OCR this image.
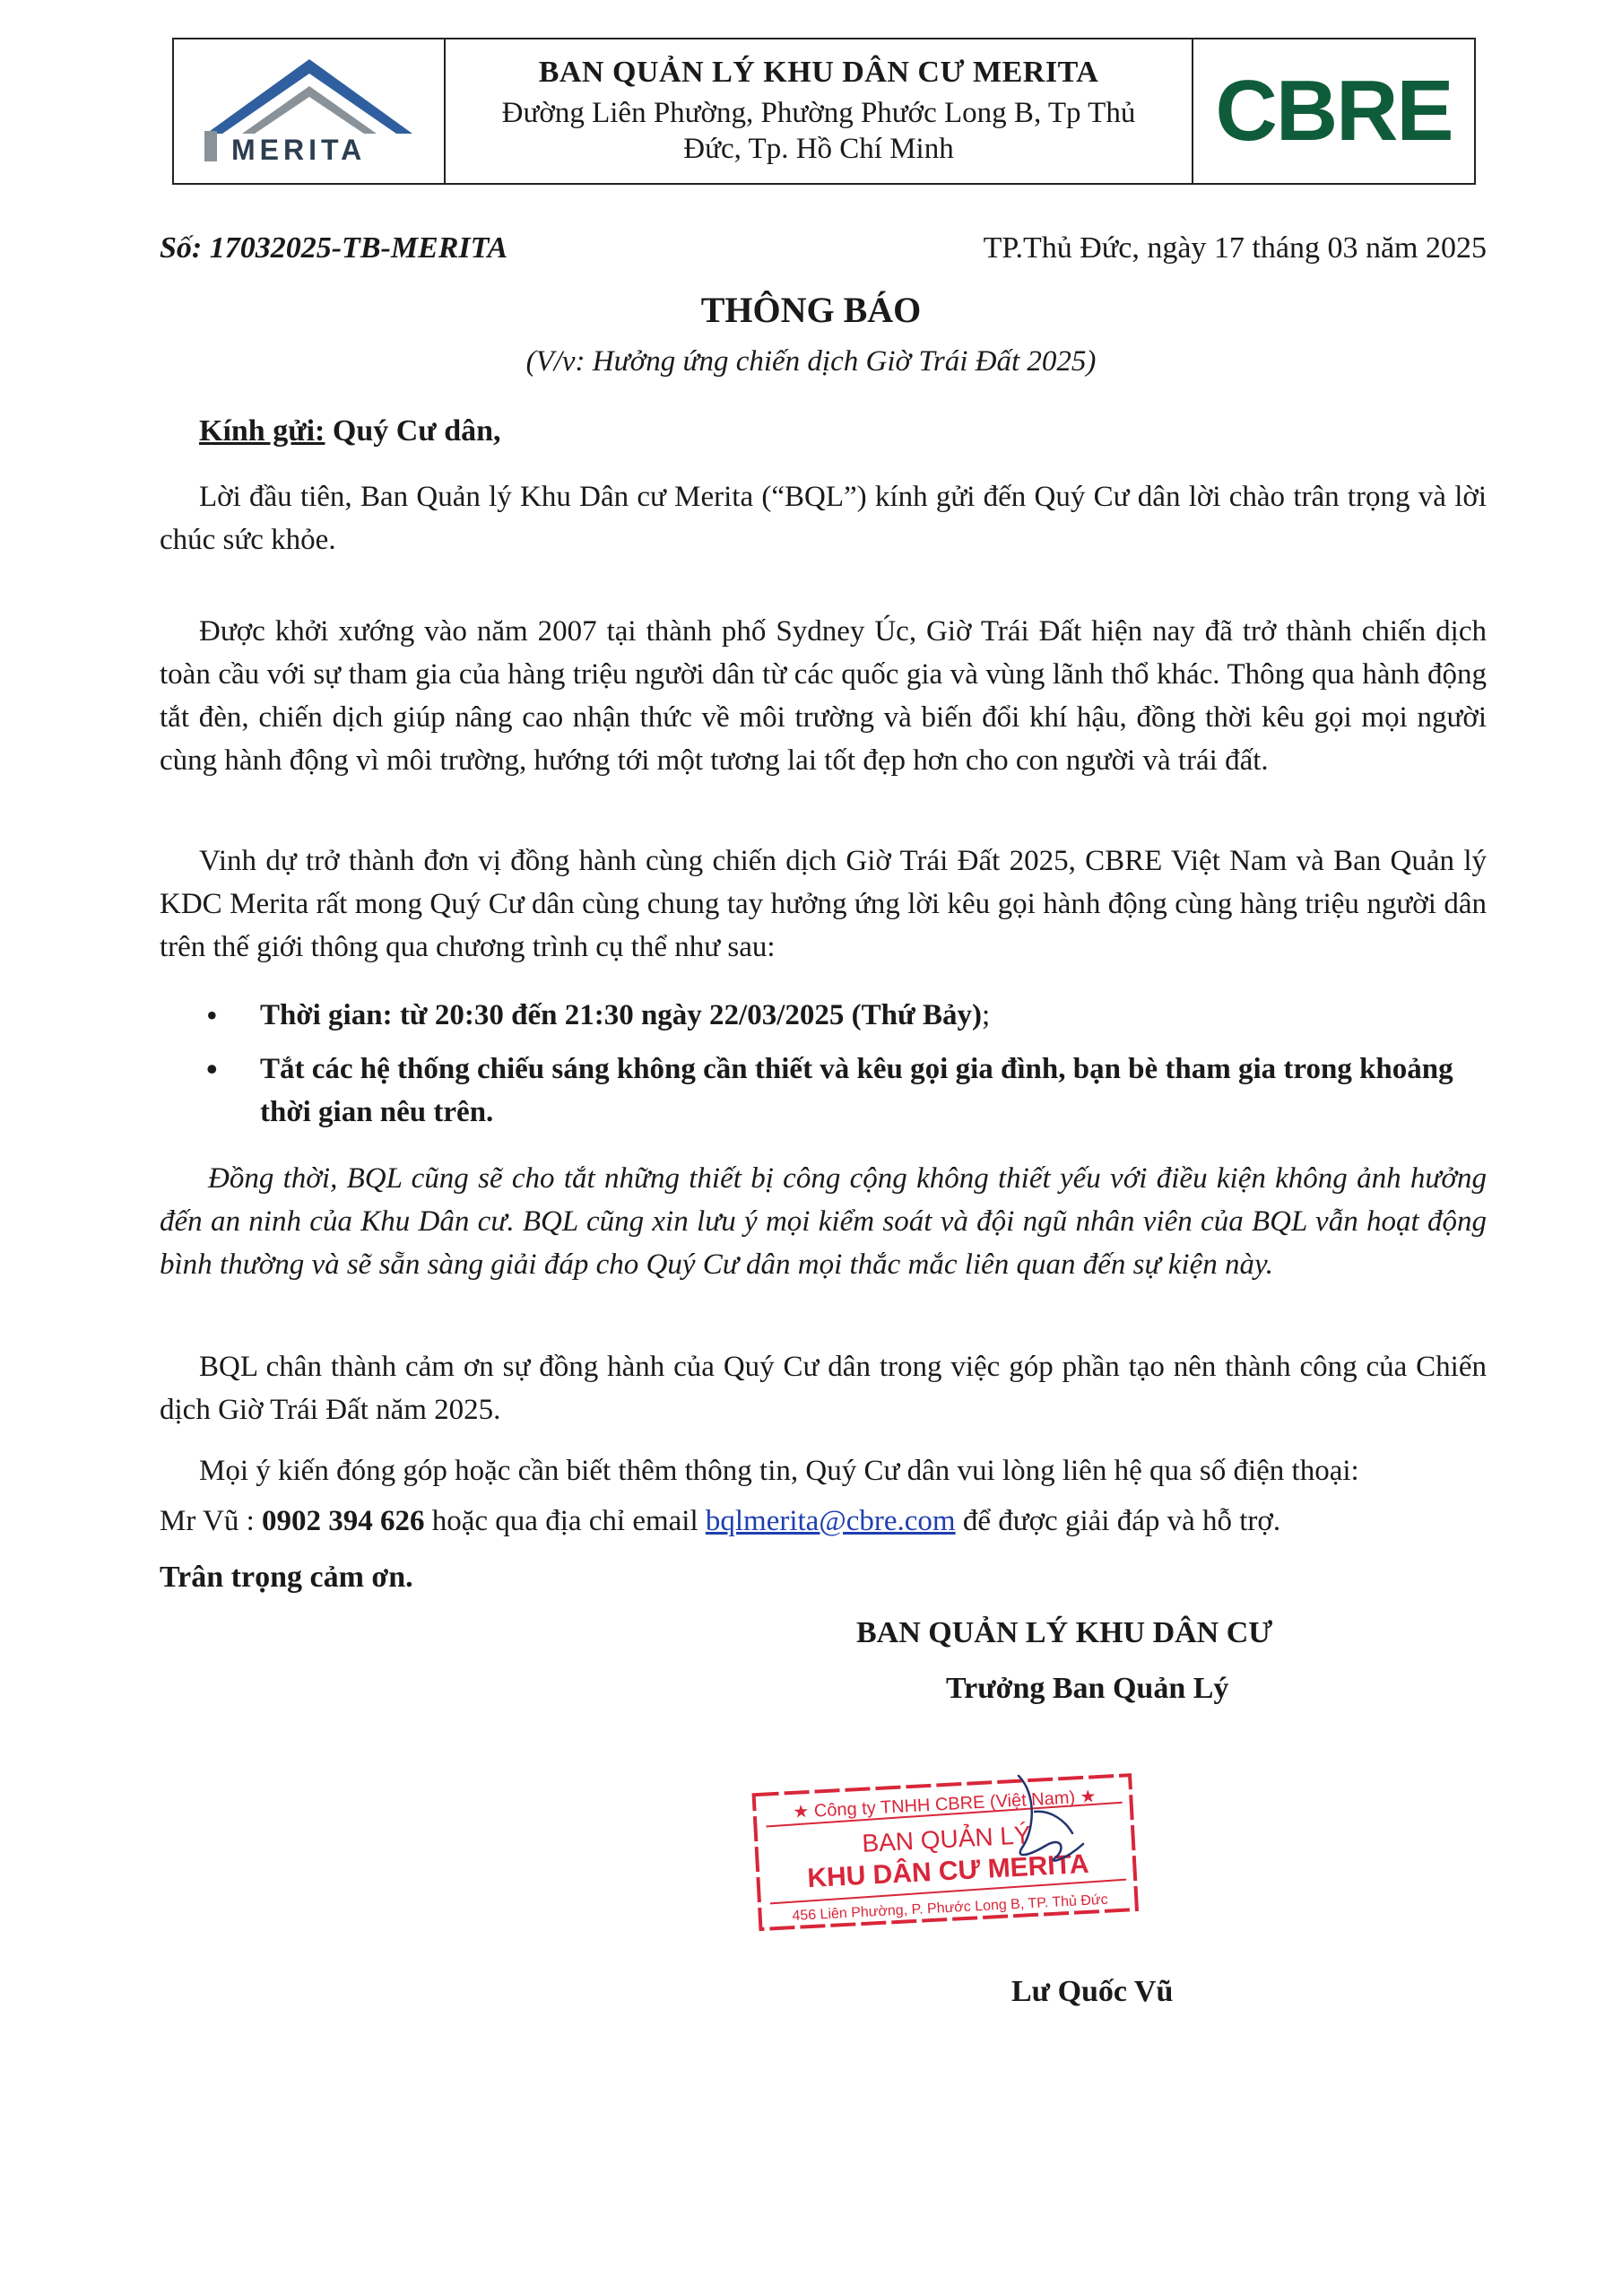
MERITA
BAN QUẢN LÝ KHU DÂN CƯ MERITA
Đường Liên Phường, Phường Phước Long B, Tp Thủ
Đức, Tp. Hồ Chí Minh	CBRE
Số: 17032025-TB-MERITA	TP.Thủ Đức, ngày 17 tháng 03 năm 2025
THÔNG BÁO
(V/v: Hưởng ứng chiến dịch Giờ Trái Đất 2025)
Kính gửi: Quý Cư dân,

Lời đầu tiên, Ban Quản lý Khu Dân cư Merita (“BQL”) kính gửi đến Quý Cư dân lời chào trân trọng và lời chúc sức khỏe.

Được khởi xướng vào năm 2007 tại thành phố Sydney Úc, Giờ Trái Đất hiện nay đã trở thành chiến dịch toàn cầu với sự tham gia của hàng triệu người dân từ các quốc gia và vùng lãnh thổ khác. Thông qua hành động tắt đèn, chiến dịch giúp nâng cao nhận thức về môi trường và biến đổi khí hậu, đồng thời kêu gọi mọi người cùng hành động vì môi trường, hướng tới một tương lai tốt đẹp hơn cho con người và trái đất.

Vinh dự trở thành đơn vị đồng hành cùng chiến dịch Giờ Trái Đất 2025, CBRE Việt Nam và Ban Quản lý KDC Merita rất mong Quý Cư dân cùng chung tay hưởng ứng lời kêu gọi hành động cùng hàng triệu người dân trên thế giới thông qua chương trình cụ thể như sau:

• Thời gian: từ 20:30 đến 21:30 ngày 22/03/2025 (Thứ Bảy);
• Tắt các hệ thống chiếu sáng không cần thiết và kêu gọi gia đình, bạn bè tham gia trong khoảng thời gian nêu trên.

Đồng thời, BQL cũng sẽ cho tắt những thiết bị công cộng không thiết yếu với điều kiện không ảnh hưởng đến an ninh của Khu Dân cư. BQL cũng xin lưu ý mọi kiểm soát và đội ngũ nhân viên của BQL vẫn hoạt động bình thường và sẽ sẵn sàng giải đáp cho Quý Cư dân mọi thắc mắc liên quan đến sự kiện này.

BQL chân thành cảm ơn sự đồng hành của Quý Cư dân trong việc góp phần tạo nên thành công của Chiến dịch Giờ Trái Đất năm 2025.

Mọi ý kiến đóng góp hoặc cần biết thêm thông tin, Quý Cư dân vui lòng liên hệ qua số điện thoại:

Mr Vũ : 0902 394 626 hoặc qua địa chỉ email bqlmerita@cbre.com để được giải đáp và hỗ trợ.
Trân trọng cảm ơn.
BAN QUẢN LÝ KHU DÂN CƯ
Trưởng Ban Quản Lý
★ Công ty TNHH CBRE (Việt Nam) ★
BAN QUẢN LÝ
KHU DÂN CƯ MERITA
456 Liên Phường, P. Phước Long B, TP. Thủ Đức
Lư Quốc Vũ
